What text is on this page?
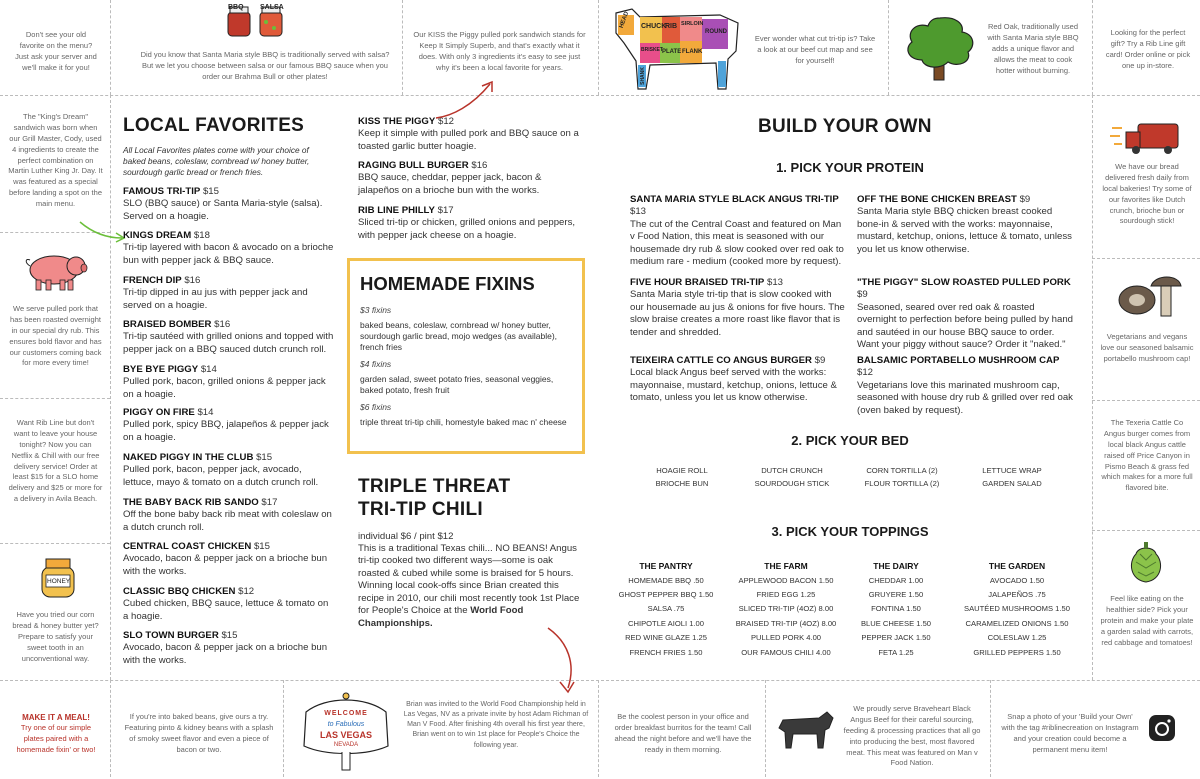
Don't see your old favorite on the menu? Just ask your server and we'll make it for you!
BBQ SALSA
Did you know that Santa Maria style BBQ is traditionally served with salsa? But we let you choose between salsa or our famous BBQ sauce when you order our Brahma Bull or other plates!
Our KISS the Piggy pulled pork sandwich stands for Keep It Simply Superb, and that's exactly what it does. With only 3 ingredients it's easy to see just why it's been a local favorite for years.
HEAD CHUCK
RIB SIRLOIN
BRISKET PLATE FLANK
ROUND
SHANK
Ever wonder what cut tri-tip is? Take a look at our beef cut map and see for yourself!
Red Oak, traditionally used with Santa Maria style BBQ adds a unique flavor and allows the meat to cook hotter without burning.
Looking for the perfect gift? Try a Rib Line gift card! Order online or pick one up in-store.
The "King's Dream" sandwich was born when our Grill Master, Cody, used 4 ingredients to create the perfect combination on Martin Luther King Jr. Day. It was featured as a special before landing a spot on the main menu.
We serve pulled pork that has been roasted overnight in our special dry rub. This ensures bold flavor and has our customers coming back for more every time!
Want Rib Line but don't want to leave your house tonight? Now you can Netflix & Chill with our free delivery service! Order at least $15 for a SLO home delivery and $25 or more for a delivery in Avila Beach.
HONEY
Have you tried our corn bread & honey butter yet? Prepare to satisfy your sweet tooth in an unconventional way.
We have our bread delivered fresh daily from local bakeries! Try some of our favorites like Dutch crunch, brioche bun or sourdough stick!
Vegetarians and vegans love our seasoned balsamic portabello mushroom cap!
The Texeria Cattle Co Angus burger comes from local black Angus cattle raised off Price Canyon in Pismo Beach & grass fed which makes for a more full flavored bite.
Feel like eating on the healthier side? Pick your protein and make your plate a garden salad with carrots, red cabbage and tomatoes!
MAKE IT A MEAL!
Try one of our simple plates paired with a homemade fixin' or two!
If you're into baked beans, give ours a try. Featuring pinto & kidney beans with a splash of smoky sweet flavor and even a piece of bacon or two.
WELCOME
to Fabulous
LAS VEGAS
NEVADA
Brian was invited to the World Food Championship held in Las Vegas, NV as a private invite by host Adam Richman of Man V Food. After finishing 4th overall his first year there, Brian went on to win 1st place for People's Choice the following year.
Be the coolest person in your office and order breakfast burritos for the team! Call ahead the night before and we'll have the ready in them morning.
We proudly serve Braveheart Black Angus Beef for their careful sourcing, feeding & processing practices that all go into producing the best, most flavored meat. This meat was featured on Man v Food Nation.
Snap a photo of your 'Build your Own' with the tag #riblinecreation on Instagram and your creation could become a permanent menu item!
LOCAL FAVORITES
All Local Favorites plates come with your choice of baked beans, coleslaw, cornbread w/ honey butter, sourdough garlic bread or french fries.
FAMOUS TRI-TIP $15
SLO (BBQ sauce) or Santa Maria-style (salsa). Served on a hoagie.
KINGS DREAM $18
Tri-tip layered with bacon & avocado on a brioche bun with pepper jack & BBQ sauce.
FRENCH DIP $16
Tri-tip dipped in au jus with pepper jack and served on a hoagie.
BRAISED BOMBER $16
Tri-tip sautéed with grilled onions and topped with pepper jack on a BBQ sauced dutch crunch roll.
BYE BYE PIGGY $14
Pulled pork, bacon, grilled onions & pepper jack on a hoagie.
PIGGY ON FIRE $14
Pulled pork, spicy BBQ, jalapeños & pepper jack on a hoagie.
NAKED PIGGY IN THE CLUB $15
Pulled pork, bacon, pepper jack, avocado, lettuce, mayo & tomato on a dutch crunch roll.
THE BABY BACK RIB SANDO $17
Off the bone baby back rib meat with coleslaw on a dutch crunch roll.
CENTRAL COAST CHICKEN $15
Avocado, bacon & pepper jack on a brioche bun with the works.
CLASSIC BBQ CHICKEN $12
Cubed chicken, BBQ sauce, lettuce & tomato on a hoagie.
SLO TOWN BURGER $15
Avocado, bacon & pepper jack on a brioche bun with the works.
KISS THE PIGGY $12
Keep it simple with pulled pork and BBQ sauce on a toasted garlic butter hoagie.
RAGING BULL BURGER $16
BBQ sauce, cheddar, pepper jack, bacon & jalapeños on a brioche bun with the works.
RIB LINE PHILLY $17
Sliced tri-tip or chicken, grilled onions and peppers, with pepper jack cheese on a hoagie.
HOMEMADE FIXINS
$3 fixins
baked beans, coleslaw, cornbread w/ honey butter, sourdough garlic bread, mojo wedges (as available), french fries
$4 fixins
garden salad, sweet potato fries, seasonal veggies, baked potato, fresh fruit
$6 fixins
triple threat tri-tip chili, homestyle baked mac n' cheese
TRIPLE THREAT
TRI-TIP CHILI
individual $6 / pint $12
This is a traditional Texas chili... NO BEANS! Angus tri-tip cooked two different ways—some is oak roasted & cubed while some is braised for 5 hours. Winning local cook-offs since Brian created this recipe in 2010, our chili most recently took 1st Place for People's Choice at the World Food Championships.
BUILD YOUR OWN
1. PICK YOUR PROTEIN
SANTA MARIA STYLE BLACK ANGUS TRI-TIP $13
The cut of the Central Coast and featured on Man v Food Nation, this meat is seasoned with our housemade dry rub & slow cooked over red oak to medium rare - medium (cooked more by request).
OFF THE BONE CHICKEN BREAST $9
Santa Maria style BBQ chicken breast cooked bone-in & served with the works: mayonnaise, mustard, ketchup, onions, lettuce & tomato, unless you let us know otherwise.
FIVE HOUR BRAISED TRI-TIP $13
Santa Maria style tri-tip that is slow cooked with our housemade au jus & onions for five hours. The slow braise creates a more roast like flavor that is tender and shredded.
"THE PIGGY" SLOW ROASTED PULLED PORK $9
Seasoned, seared over red oak & roasted overnight to perfection before being pulled by hand and sautéed in our house BBQ sauce to order. Want your piggy without sauce? Order it "naked."
TEIXEIRA CATTLE CO ANGUS BURGER $9
Local black Angus beef served with the works: mayonnaise, mustard, ketchup, onions, lettuce & tomato, unless you let us know otherwise.
BALSAMIC PORTABELLO MUSHROOM CAP $12
Vegetarians love this marinated mushroom cap, seasoned with house dry rub & grilled over red oak (oven baked by request).
2. PICK YOUR BED
HOAGIE ROLL
BRIOCHE BUN
DUTCH CRUNCH
SOURDOUGH STICK
CORN TORTILLA (2)
FLOUR TORTILLA (2)
LETTUCE WRAP
GARDEN SALAD
3. PICK YOUR TOPPINGS
THE PANTRY
HOMEMADE BBQ .50
GHOST PEPPER BBQ 1.50
SALSA .75
CHIPOTLE AIOLI 1.00
RED WINE GLAZE 1.25
FRENCH FRIES 1.50
THE FARM
APPLEWOOD BACON 1.50
FRIED EGG 1.25
SLICED TRI-TIP (4OZ) 8.00
BRAISED TRI-TIP (4OZ) 8.00
PULLED PORK 4.00
OUR FAMOUS CHILI 4.00
THE DAIRY
CHEDDAR 1.00
GRUYERE 1.50
FONTINA 1.50
BLUE CHEESE 1.50
PEPPER JACK 1.50
FETA 1.25
THE GARDEN
AVOCADO 1.50
JALAPEÑOS .75
SAUTÉED MUSHROOMS 1.50
CARAMELIZED ONIONS 1.50
COLESLAW 1.25
GRILLED PEPPERS 1.50
